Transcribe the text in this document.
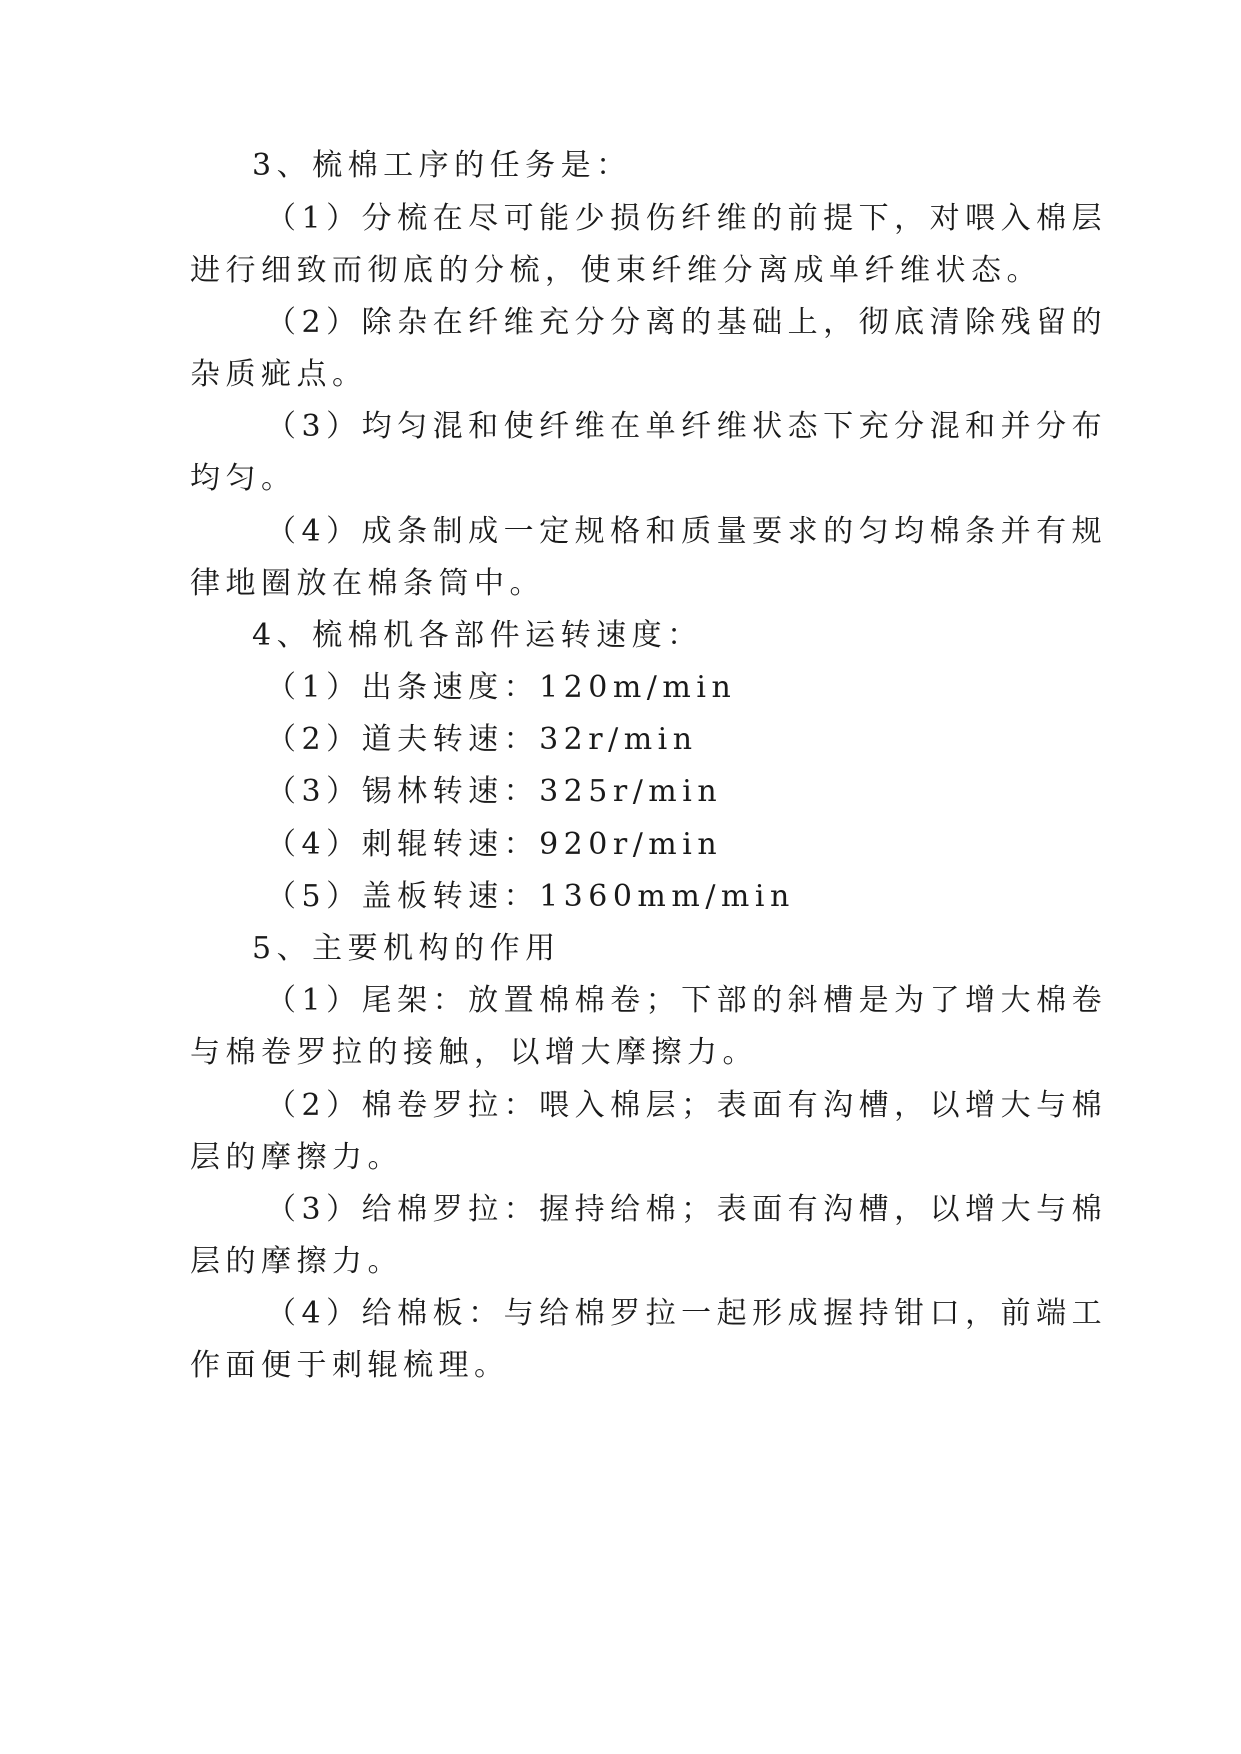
3、梳棉工序的任务是：
（1）分梳在尽可能少损伤纤维的前提下，对喂入棉层
进行细致而彻底的分梳，使束纤维分离成单纤维状态。
（2）除杂在纤维充分分离的基础上，彻底清除残留的
杂质疵点。
（3）均匀混和使纤维在单纤维状态下充分混和并分布
均匀。
（4）成条制成一定规格和质量要求的匀均棉条并有规
律地圈放在棉条筒中。
4、梳棉机各部件运转速度：
（1）出条速度：120m/min
（2）道夫转速：32r/min
（3）锡林转速：325r/min
（4）刺辊转速：920r/min
（5）盖板转速：1360mm/min
5、主要机构的作用
（1）尾架：放置棉棉卷；下部的斜槽是为了增大棉卷
与棉卷罗拉的接触，以增大摩擦力。
（2）棉卷罗拉：喂入棉层；表面有沟槽，以增大与棉
层的摩擦力。
（3）给棉罗拉：握持给棉；表面有沟槽，以增大与棉
层的摩擦力。
（4）给棉板：与给棉罗拉一起形成握持钳口，前端工
作面便于刺辊梳理。
